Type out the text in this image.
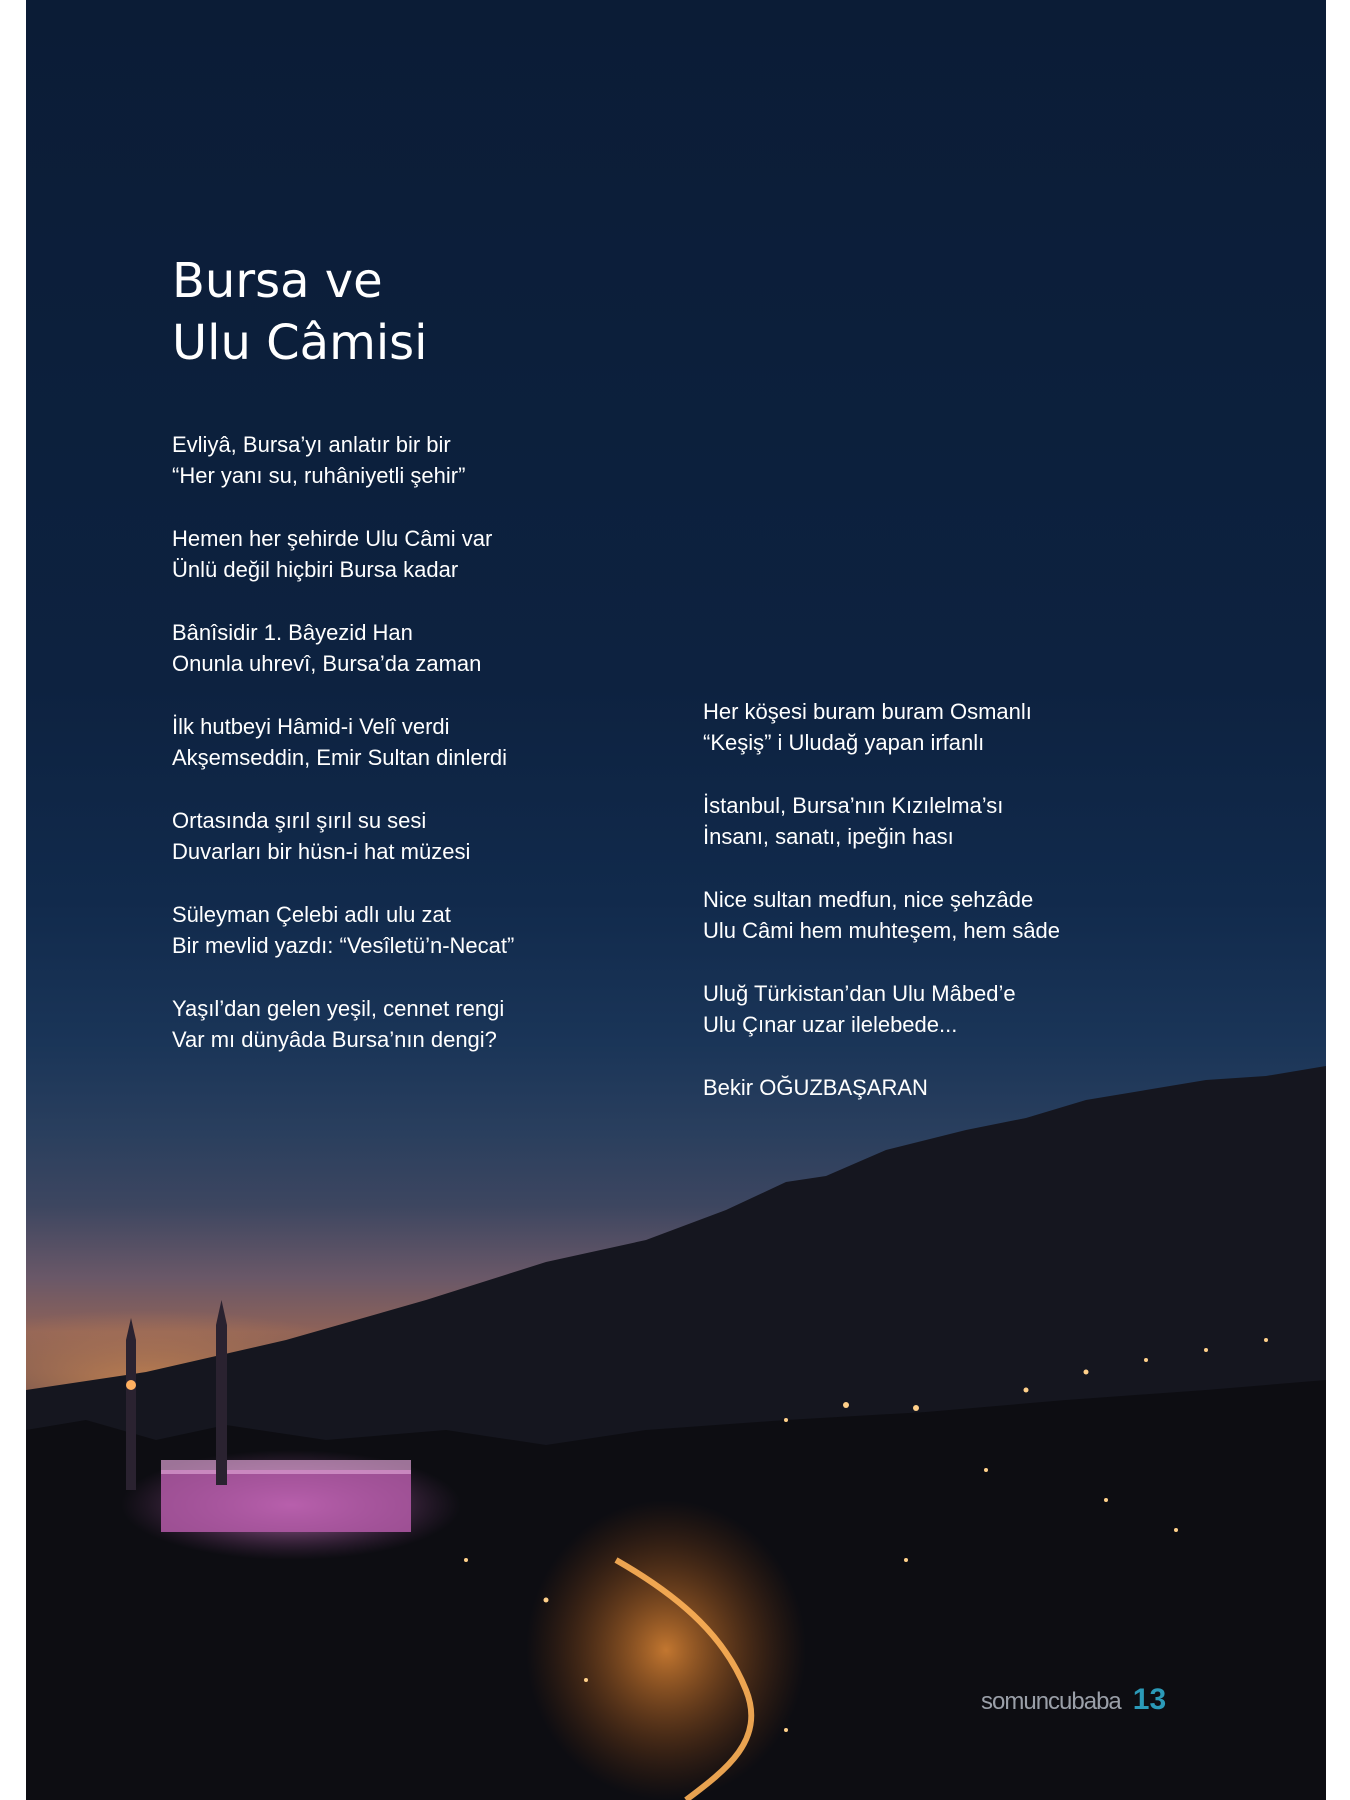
Bursa ve
Ulu Câmisi

Evliyâ, Bursa’yı anlatır bir bir
“Her yanı su, ruhâniyetli şehir”

Hemen her şehirde Ulu Câmi var
Ünlü değil hiçbiri Bursa kadar

Bânîsidir 1. Bâyezid Han
Onunla uhrevî, Bursa’da zaman

İlk hutbeyi Hâmid-i Velî verdi
Akşemseddin, Emir Sultan dinlerdi

Ortasında şırıl şırıl su sesi
Duvarları bir hüsn-i hat müzesi

Süleyman Çelebi adlı ulu zat
Bir mevlid yazdı: “Vesîletü’n-Necat”

Yaşıl’dan gelen yeşil, cennet rengi
Var mı dünyâda Bursa’nın dengi?

Her köşesi buram buram Osmanlı
“Keşiş” i Uludağ yapan irfanlı

İstanbul, Bursa’nın Kızılelma’sı
İnsanı, sanatı, ipeğin hası

Nice sultan medfun, nice şehzâde
Ulu Câmi hem muhteşem, hem sâde

Uluğ Türkistan’dan Ulu Mâbed’e
Ulu Çınar uzar ilelebede...

Bekir OĞUZBAŞARAN
somuncubaba 13
